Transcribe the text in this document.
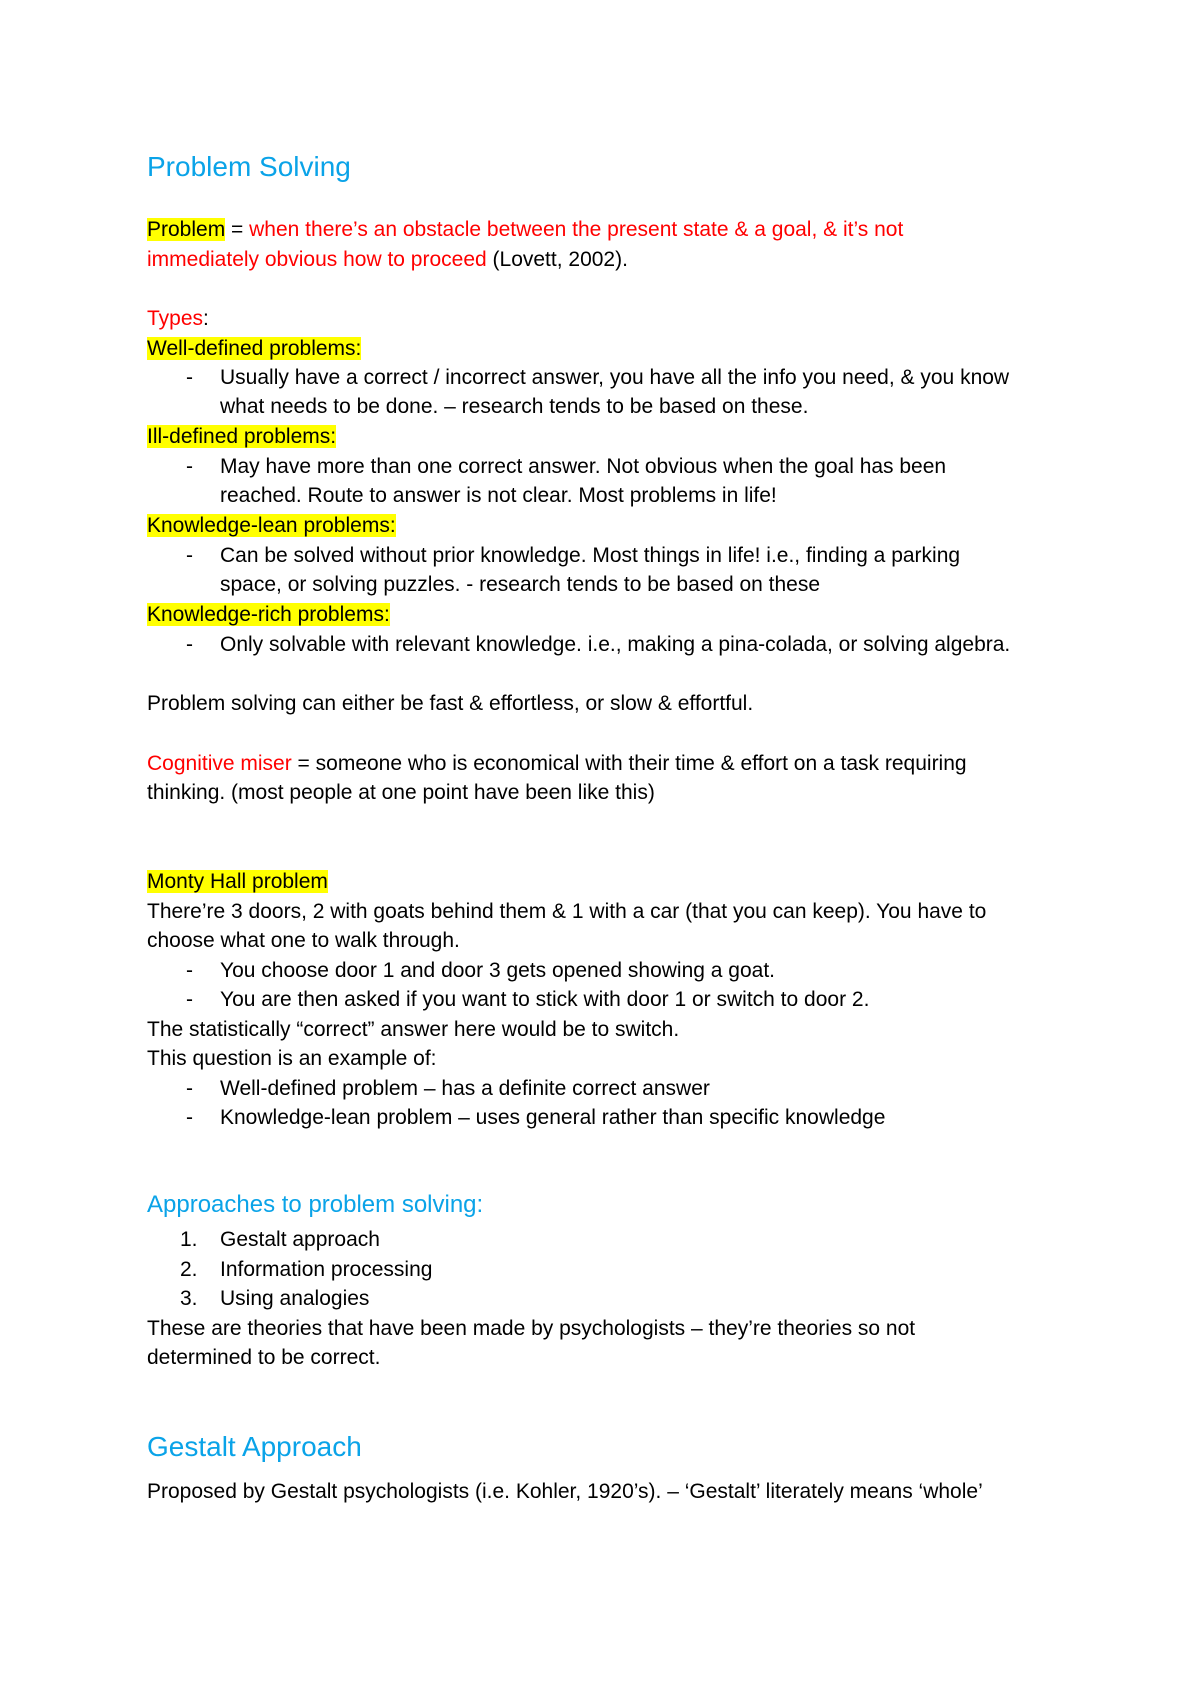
Problem Solving
Problem = when there’s an obstacle between the present state & a goal, & it’s not
immediately obvious how to proceed (Lovett, 2002).
Types:
Well-defined problems:
- Usually have a correct / incorrect answer, you have all the info you need, & you know
what needs to be done. – research tends to be based on these.
Ill-defined problems:
- May have more than one correct answer. Not obvious when the goal has been
reached. Route to answer is not clear. Most problems in life!
Knowledge-lean problems:
- Can be solved without prior knowledge. Most things in life! i.e., finding a parking
space, or solving puzzles. - research tends to be based on these
Knowledge-rich problems:
- Only solvable with relevant knowledge. i.e., making a pina-colada, or solving algebra.
Problem solving can either be fast & effortless, or slow & effortful.
Cognitive miser = someone who is economical with their time & effort on a task requiring
thinking. (most people at one point have been like this)
Monty Hall problem
There’re 3 doors, 2 with goats behind them & 1 with a car (that you can keep). You have to
choose what one to walk through.
- You choose door 1 and door 3 gets opened showing a goat.
- You are then asked if you want to stick with door 1 or switch to door 2.
The statistically “correct” answer here would be to switch.
This question is an example of:
- Well-defined problem – has a definite correct answer
- Knowledge-lean problem – uses general rather than specific knowledge
Approaches to problem solving:
1. Gestalt approach
2. Information processing
3. Using analogies
These are theories that have been made by psychologists – they’re theories so not
determined to be correct.
Gestalt Approach
Proposed by Gestalt psychologists (i.e. Kohler, 1920’s). – ‘Gestalt’ literately means ‘whole’
